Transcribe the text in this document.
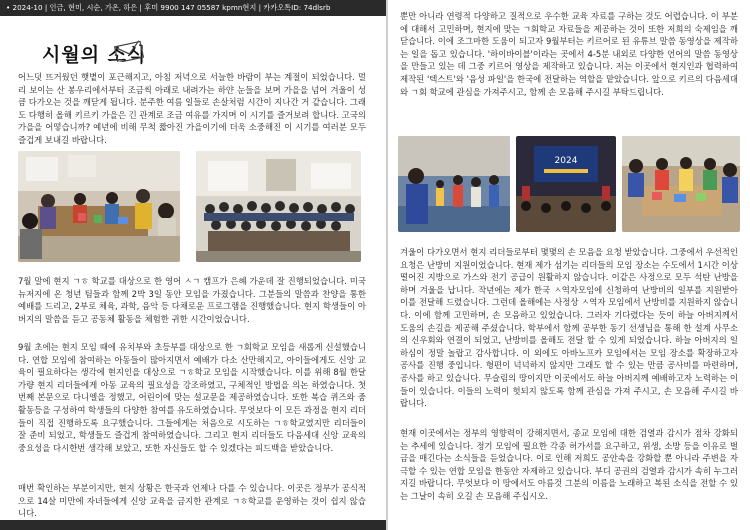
• 2024-10 | 인금, 현미, 시순, 가온, 하은 | 후미 9900 147 05587 kpmn현지 | 카카오톡ID: 74dlsrb
시월의 소식
어느덧 뜨거웠던 햇볕이 포근해지고, 아침 저녁으로 서늘한 바람이 부는 계절이 되었습니다. 멀리 보이는 산 봉우리에서부터 조금씩 아래로 내려가는 하얀 눈들을 보며 가을을 넘어 겨울이 성큼 다가오는 것을 깨닫게 됩니다. 분주한 여름 일들로 손살처럼 시간이 지나간 거 같습니다. 그래도 다행히 올해 키르키 가을은 긴 관계로 조금 여유를 가지며 이 시기를 즐거보려 합니다. 고국의 가을을 어떻습니까? 예년에 비해 무척 짧아진 가을이기에 더욱 소중해진 이 시기를 여러분 모두 즐겁게 보내길 바랍니다.
7월 말에 현지 ㄱㅎ 학교를 대상으로 한 영어 ㅅㄱ 캠프가 은혜 가운데 잘 진행되었습니다. 미국 뉴저지에 온 청년 팀들과 함께 2박 3일 동안 모임을 가졌습니다. 그분들의 말씀과 찬양을 통한 예배를 드리고, 2부로 체육, 과학, 음악 등 다채로운 프로그램을 진행했습니다. 현지 학생들이 아버지의 말씀을 듣고 공동체 활동을 체험한 귀한 시간이었습니다.
9월 초에는 현지 모임 때에 유치부와 초등부를 대상으로 한 ㄱ회학교 모임을 새롭게 신설했습니다. 연합 모임에 참여하는 아동들이 많아지면서 예배가 다소 산만해지고, 아이들에게도 신앙 교육이 필요하다는 생각에 현지인을 대상으로 ㄱㅎ학교 모임을 시작했습니다. 이를 위해 8월 한달 가량 현지 리더들에게 아동 교육의 필요성을 강조하였고, 구체적인 방법을 의논 하였습니다. 첫번째 본문으로 다니엘을 정했고, 어린이에 맞는 설교문을 제공하였습니다. 또한 복습 퀴즈와 줌 활동등을 구성하여 학생들의 다양한 참여를 유도하였습니다. 무엇보다 이 모든 과정을 현지 리더들이 직접 진행하도록 요구했습니다. 그들에게는 처음으로 시도하는 ㄱㅎ학교였지만 리더들이 잘 준비 되었고, 학생들도 즐겁게 참여하였습니다. 그리고 현지 리더들도 다음세대 신앙 교육의 중요성을 다시한번 생각해 보았고, 또한 자신들도 할 수 있겠다는 피드백을 받았습니다.
매번 확인하는 부분이지만, 현지 상황은 한국과 언제나 다를 수 있습니다. 이곳은 정부가 공식적으로 14살 미만에 자녀들에게 신앙 교육을 금지한 관계로 ㄱㅎ학교를 운영하는 것이 쉽지 않습니다.
뿐만 아니라 연령적 다양하고 질적으로 우수한 교육 자료를 구하는 것도 어렵습니다. 이 부분에 대해서 고민하며, 현지에 맞는 ㄱ회학교 자료들을 제공하는 것이 또한 저희의 숙제임을 깨닫습니다. 이에 조그마한 도움이 되고자 9월부터는 키르어로 된 유튜브 말씀 동영상을 제작하는 일을 돕고 있습니다. '하이바이블'이라는 곳에서 4-5분 내외로 다양한 언어의 말씀 동영상을 만들고 있는 데 그중 키르어 영상을 제작하고 있습니다. 저는 이곳에서 현지인과 협력하여 제작된 '텍스트'와 '음성 파일'을 한국에 전달하는 역할을 맡았습니다. 앞으로 키르의 다음세대와 ㄱ회 학교에 관심을 가져주시고, 함께 손 모음해 주시길 부탁드립니다.
2024
겨울이 다가오면서 현지 리더들로부터 몇몇의 손 모음을 요청 받았습니다. 그중에서 우선적인 요청은 난방비 지원이었습니다. 현재 제가 섬기는 리더들의 모임 장소는 수도에서 1시간 이상 떨어진 지방으로 가스와 전기 공급이 원활하지 않습니다. 이같은 사정으로 모두 석탄 난방을 하며 겨울을 납니다. 작년에는 제가 한국 ㅅ역자모임에 신청하여 난방비의 일부를 지원받아 이를 전달해 드렸습니다. 그런데 올해에는 사정상 ㅅ역자 모임에서 난방비를 지원하지 않습니다. 이에 함께 고민하며, 손 모음하고 있었습니다. 그러자 기다렸다는 듯이 하늘 아버지께서 도움의 손길을 제공해 주셨습니다. 학부에서 함께 공부한 동기 선생님을 통해 한 설계 사무소의 신우회와 연결이 되었고, 난방비를 올해도 전달 할 수 있게 되었습니다. 하늘 아버지의 일하심이 정말 놀랍고 감사합니다. 이 외에도 아바노프카 모임에서는 모임 장소를 확장하고자 공사를 진행 중입니다. 형편이 넉넉하지 않지만 그래도 할 수 있는 만큼 공사비를 마련하며, 공사를 하고 있습니다. 무슬림의 땅이지만 이곳에서도 하늘 아버지께 예배하고자 노력하는 이들이 있습니다. 이들의 노력이 헛되지 않도록 함께 관심을 가져 주시고, 손 모음해 주시길 바랍니다.
현재 이곳에서는 정부의 영향력이 강해지면서, 종교 모임에 대한 검열과 감시가 점차 강화되는 추세에 있습니다. 정기 모임에 필요한 각종 허가서를 요구하고, 위생, 소방 등을 이유로 벌금을 매긴다는 소식들을 듣었습니다. 이로 인해 저희도 공안속을 강화할 뿐 아니라 주변을 자극할 수 있는 연합 모임을 한동안 자제하고 있습니다. 부디 공권의 검열과 감시가 속히 누그러지길 바랍니다. 무엇보다 이 땅에서도 아름것 그분의 이름을 노래하고 복된 소식을 전할 수 있는 그날이 속히 오길 손 모음해 주십시오.
